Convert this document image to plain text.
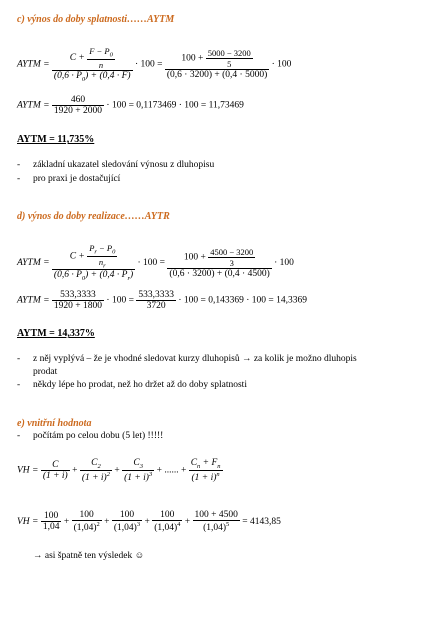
c) výnos do doby splatnosti……AYTM
AYTM = $\frac{C + \frac{F - P_0}{n}}{(0,6 \cdot P_0) + (0,4 \cdot F)} \cdot 100 = \frac{100 + \frac{5000 - 3200}{5}}{(0,6 \cdot 3200) + (0,4 \cdot 5000)} \cdot 100$
AYTM = $\frac{460}{1920 + 2000} \cdot 100 = 0,1173469 \cdot 100 = 11,73469$
AYTM = 11,735%
- základní ukazatel sledování výnosu z dluhopisu
- pro praxi je dostačující
d) výnos do doby realizace……AYTR
AYTM = $\frac{C + \frac{P_r - P_0}{n_r}}{(0,6 \cdot P_0) + (0,4 \cdot P_r)} \cdot 100 = \frac{100 + \frac{4500 - 3200}{3}}{(0,6 \cdot 3200) + (0,4 \cdot 4500)} \cdot 100$
AYTM = $\frac{533,3333}{1920 + 1800} \cdot 100 = \frac{533,3333}{3720} \cdot 100 = 0,143369 \cdot 100 = 14,3369$
AYTM = 14,337%
- z něj vyplývá – že je vhodné sledovat kurzy dluhopisů → za kolik je možno dluhopis
prodat
- někdy lépe ho prodat, než ho držet až do doby splatnosti
e) vnitřní hodnota
- počítám po celou dobu (5 let) !!!!!
VH = $\frac{C}{(1 + i)} + \frac{C_2}{(1 + i)^2} + \frac{C_3}{(1 + i)^3}$ + ...... + $\frac{C_n + F_n}{(1 + i)^n}$
VH = $\frac{100}{1,04} + \frac{100}{(1,04)^2} + \frac{100}{(1,04)^3} + \frac{100}{(1,04)^4} + \frac{100 + 4500}{(1,04)^5} = 4143,85$
→ asi špatně ten výsledek ☺
